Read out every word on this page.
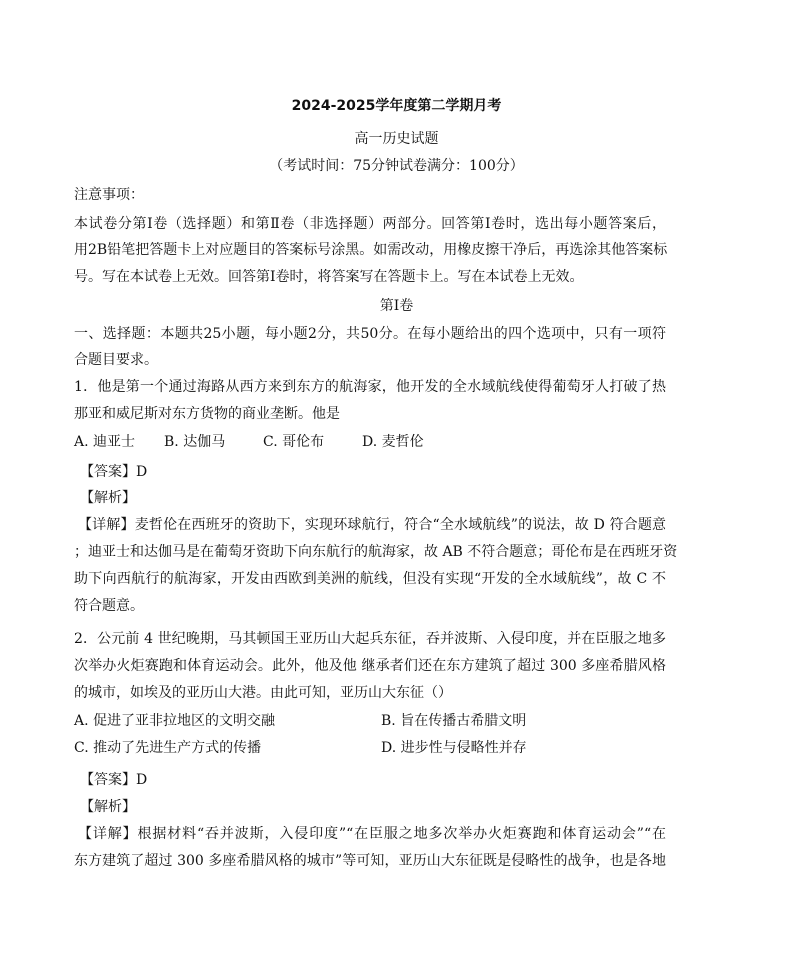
2024-2025学年度第二学期月考
高一历史试题
（考试时间：75分钟试卷满分：100分）
注意事项：
本试卷分第Ⅰ卷（选择题）和第Ⅱ卷（非选择题）两部分。回答第Ⅰ卷时，选出每小题答案后，
用2B铅笔把答题卡上对应题目的答案标号涂黑。如需改动，用橡皮擦干净后，再选涂其他答案标
号。写在本试卷上无效。回答第Ⅰ卷时，将答案写在答题卡上。写在本试卷上无效。
第Ⅰ卷
一、选择题：本题共25小题，每小题2分，共50分。在每小题给出的四个选项中，只有一项符
合题目要求。
1．他是第一个通过海路从西方来到东方的航海家，他开发的全水域航线使得葡萄牙人打破了热
那亚和威尼斯对东方货物的商业垄断。他是
A. 迪亚士 B. 达伽马	C. 哥伦布	D. 麦哲伦
【答案】D
【解析】
【详解】麦哲伦在西班牙的资助下，实现环球航行，符合“全水域航线”的说法，故 D 符合题意
；迪亚士和达伽马是在葡萄牙资助下向东航行的航海家，故 AB 不符合题意；哥伦布是在西班牙资
助下向西航行的航海家，开发由西欧到美洲的航线，但没有实现“开发的全水域航线”，故 C 不
符合题意。
2．公元前 4 世纪晚期，马其顿国王亚历山大起兵东征，吞并波斯、入侵印度，并在臣服之地多
次举办火炬赛跑和体育运动会。此外，他及他 继承者们还在东方建筑了超过 300 多座希腊风格
的城市，如埃及的亚历山大港。由此可知，亚历山大东征（）
A. 促进了亚非拉地区的文明交融	B. 旨在传播古希腊文明
C. 推动了先进生产方式的传播	D. 进步性与侵略性并存
【答案】D
【解析】
【详解】根据材料“吞并波斯，入侵印度”“在臣服之地多次举办火炬赛跑和体育运动会”“在
东方建筑了超过 300 多座希腊风格的城市”等可知，亚历山大东征既是侵略性的战争，也是各地
